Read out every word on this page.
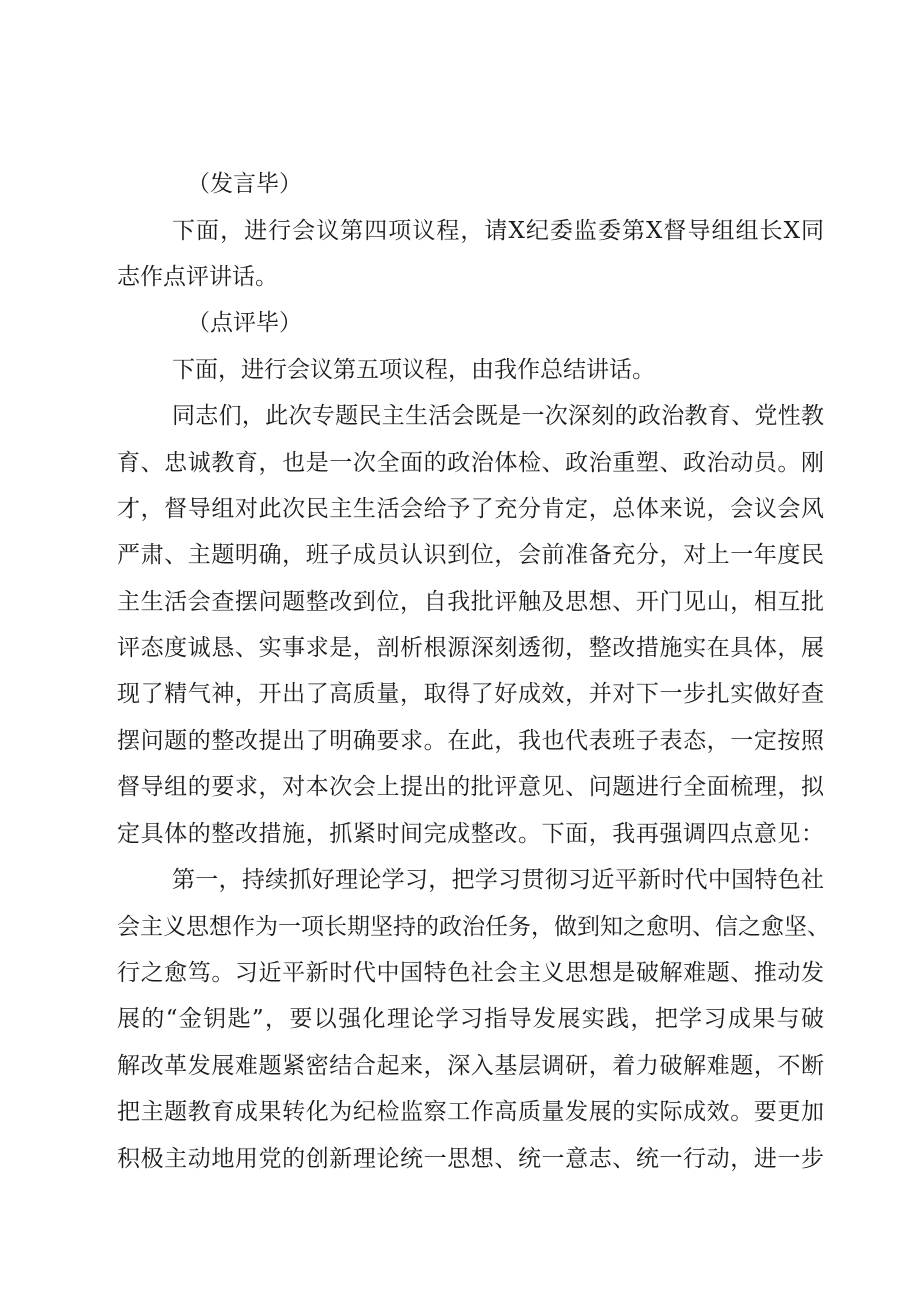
（发言毕）
下面，进行会议第四项议程，请X纪委监委第X督导组组长X同
志作点评讲话。
（点评毕）
下面，进行会议第五项议程，由我作总结讲话。
同志们，此次专题民主生活会既是一次深刻的政治教育、党性教
育、忠诚教育，也是一次全面的政治体检、政治重塑、政治动员。刚
才，督导组对此次民主生活会给予了充分肯定，总体来说，会议会风
严肃、主题明确，班子成员认识到位，会前准备充分，对上一年度民
主生活会查摆问题整改到位，自我批评触及思想、开门见山，相互批
评态度诚恳、实事求是，剖析根源深刻透彻，整改措施实在具体，展
现了精气神，开出了高质量，取得了好成效，并对下一步扎实做好查
摆问题的整改提出了明确要求。在此，我也代表班子表态，一定按照
督导组的要求，对本次会上提出的批评意见、问题进行全面梳理，拟
定具体的整改措施，抓紧时间完成整改。下面，我再强调四点意见：
第一，持续抓好理论学习，把学习贯彻习近平新时代中国特色社
会主义思想作为一项长期坚持的政治任务，做到知之愈明、信之愈坚、
行之愈笃。习近平新时代中国特色社会主义思想是破解难题、推动发
展的“金钥匙”，要以强化理论学习指导发展实践，把学习成果与破
解改革发展难题紧密结合起来，深入基层调研，着力破解难题，不断
把主题教育成果转化为纪检监察工作高质量发展的实际成效。要更加
积极主动地用党的创新理论统一思想、统一意志、统一行动，进一步
